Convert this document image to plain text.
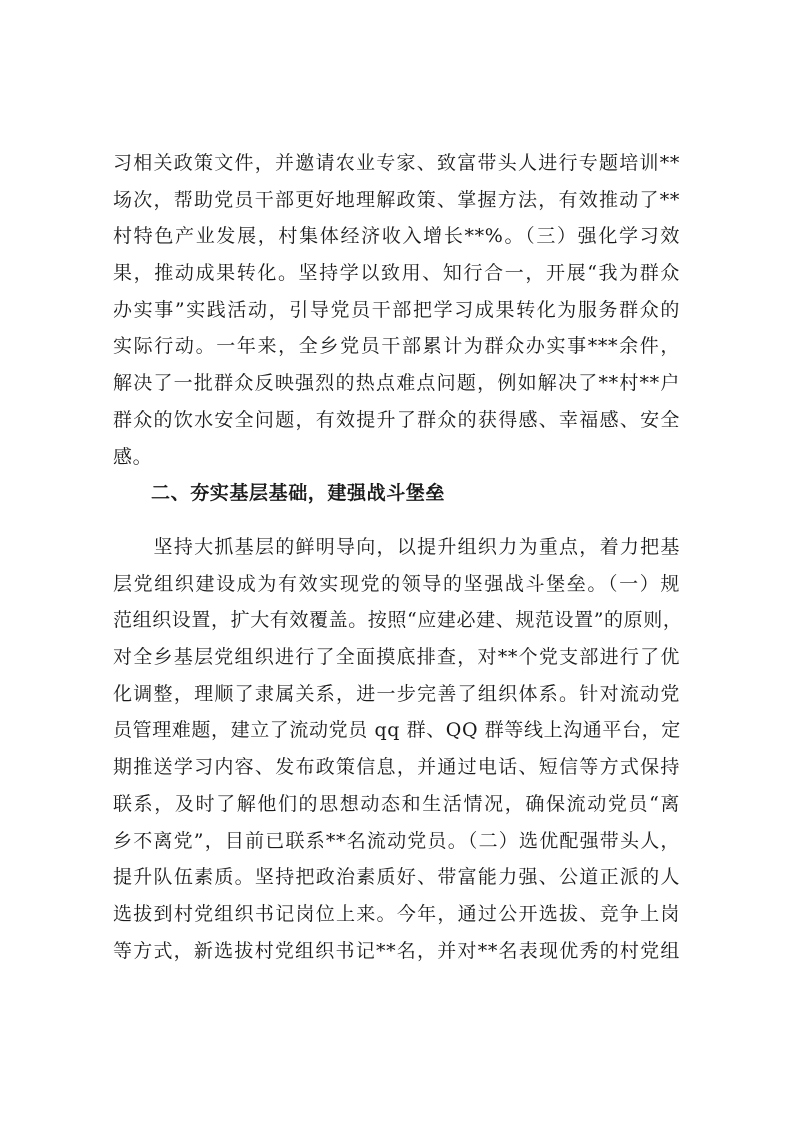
习相关政策文件，并邀请农业专家、致富带头人进行专题培训**
场次，帮助党员干部更好地理解政策、掌握方法，有效推动了**
村特色产业发展，村集体经济收入增长**%。（三）强化学习效
果，推动成果转化。坚持学以致用、知行合一，开展“我为群众
办实事”实践活动，引导党员干部把学习成果转化为服务群众的
实际行动。一年来，全乡党员干部累计为群众办实事***余件，
解决了一批群众反映强烈的热点难点问题，例如解决了**村**户
群众的饮水安全问题，有效提升了群众的获得感、幸福感、安全
感。
二、夯实基层基础，建强战斗堡垒
　　坚持大抓基层的鲜明导向，以提升组织力为重点，着力把基
层党组织建设成为有效实现党的领导的坚强战斗堡垒。（一）规
范组织设置，扩大有效覆盖。按照“应建必建、规范设置”的原则，
对全乡基层党组织进行了全面摸底排查，对**个党支部进行了优
化调整，理顺了隶属关系，进一步完善了组织体系。针对流动党
员管理难题，建立了流动党员 qq 群、QQ 群等线上沟通平台，定
期推送学习内容、发布政策信息，并通过电话、短信等方式保持
联系，及时了解他们的思想动态和生活情况，确保流动党员“离
乡不离党”，目前已联系**名流动党员。（二）选优配强带头人，
提升队伍素质。坚持把政治素质好、带富能力强、公道正派的人
选拔到村党组织书记岗位上来。今年，通过公开选拔、竞争上岗
等方式，新选拔村党组织书记**名，并对**名表现优秀的村党组
